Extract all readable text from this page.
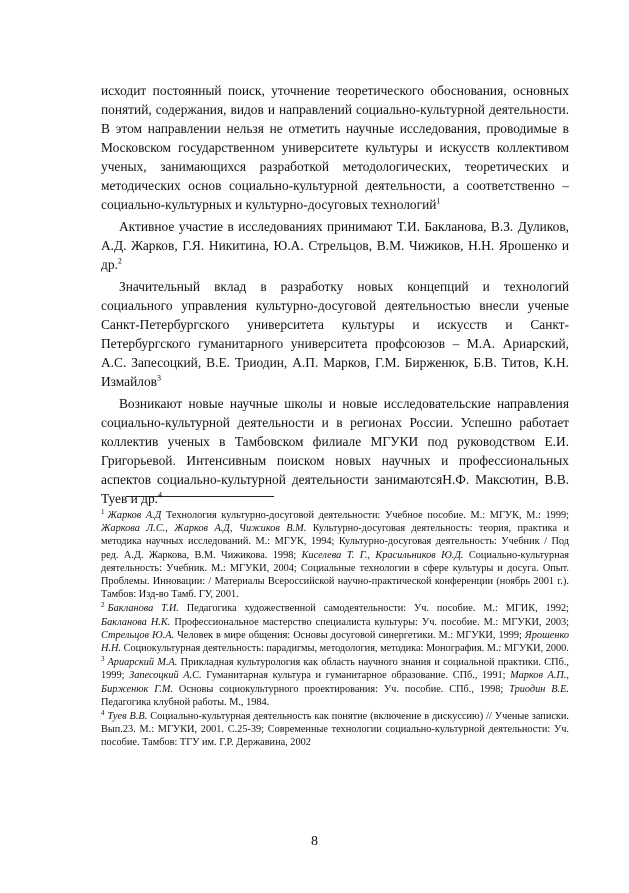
исходит постоянный поиск, уточнение теоретического обоснования, основных понятий, содержания, видов и направлений социально-культурной деятельности. В этом направлении нельзя не отметить научные исследования, проводимые в Московском государственном университете культуры и искусств коллективом ученых, занимающихся разработкой методологических, теоретических и методических основ социально-культурной деятельности, а соответственно – социально-культурных и культурно-досуговых технологий$^1$

Активное участие в исследованиях принимают Т.И. Бакланова, В.З. Дуликов, А.Д. Жарков, Г.Я. Никитина, Ю.А. Стрельцов, В.М. Чижиков, Н.Н. Ярошенко и др.$^2$

Значительный вклад в разработку новых концепций и технологий социального управления культурно-досуговой деятельностью внесли ученые Санкт-Петербургского университета культуры и искусств и Санкт-Петербургского гуманитарного университета профсоюзов – М.А. Ариарский, А.С. Запесоцкий, В.Е. Триодин, А.П. Марков, Г.М. Бирженюк, Б.В. Титов, К.Н. Измайлов$^3$

Возникают новые научные школы и новые исследовательские направления социально-культурной деятельности и в регионах России. Успешно работает коллектив ученых в Тамбовском филиале МГУКИ под руководством Е.И. Григорьевой. Интенсивным поиском новых научных и профессиональных аспектов социально-культурной деятельности занимаютсяН.Ф. Максютин, В.В. Туев и др.$^4$

$^1$ Жарков А.Д Технология культурно-досуговой деятельности: Учебное пособие. М.: МГУК, М.: 1999; Жаркова Л.С., Жарков А.Д, Чижиков В.М. Культурно-досуговая деятельность: теория, практика и методика научных исследований. М.: МГУК, 1994; Культурно-досуговая деятельность: Учебник / Под ред. А.Д. Жаркова, В.М. Чижикова. 1998; Киселева Т. Г., Красильников Ю.Д. Социально-культурная деятельность: Учебник. М.: МГУКИ, 2004; Социальные технологии в сфере культуры и досуга. Опыт. Проблемы. Инновации: / Материалы Всероссийской научно-практической конференции (ноябрь 2001 г.). Тамбов: Изд-во Тамб. ГУ, 2001.

$^2$ Бакланова Т.И. Педагогика художественной самодеятельности: Уч. пособие. М.: МГИК, 1992; Бакланова Н.К. Профессиональное мастерство специалиста культуры: Уч. пособие. М.: МГУКИ, 2003; Стрельцов Ю.А. Человек в мире общения: Основы досуговой синергетики. М.: МГУКИ, 1999; Ярошенко Н.Н. Социокультурная деятельность: парадигмы, методология, методика: Монография. М.: МГУКИ, 2000.

$^3$ Ариарский М.А. Прикладная культурология как область научного знания и социальной практики. СПб., 1999; Запесоцкий А.С. Гуманитарная культура и гуманитарное образование. СПб., 1991; Марков А.П., Бирженюк Г.М. Основы социокультурного проектирования: Уч. пособие. СПб., 1998; Триодин В.Е. Педагогика клубной работы. М., 1984.

$^4$ Туев В.В. Социально-культурная деятельность как понятие (включение в дискуссию) // Ученые записки. Вып.23. М.: МГУКИ, 2001. С.25-39; Современные технологии социально-культурной деятельности: Уч. пособие. Тамбов: ТГУ им. Г.Р. Державина, 2002

8
